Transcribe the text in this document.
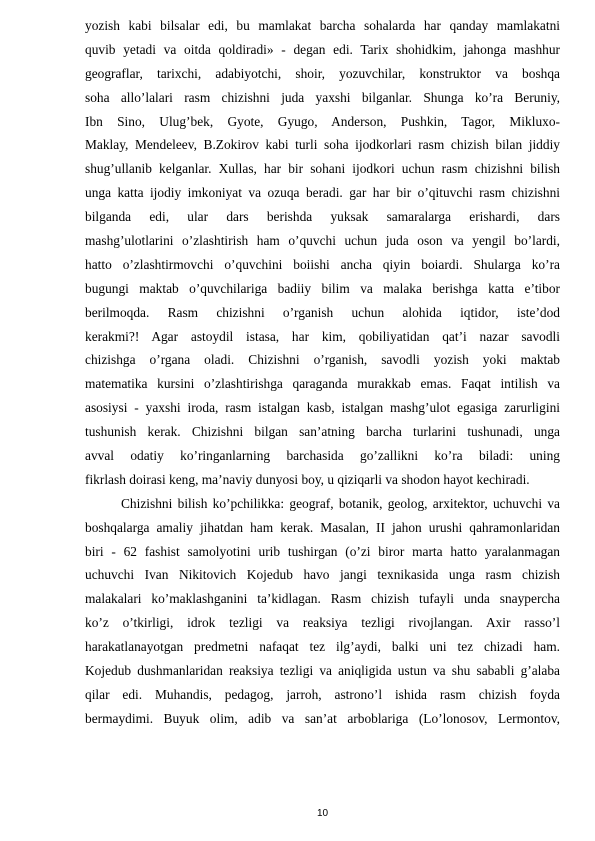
yozish kabi bilsalar edi, bu mamlakat barcha sohalarda har qanday mamlakatni
quvib yetadi va oitda qoldiradi» - degan edi. Tarix shohidkim, jahonga mashhur
geograflar, tarixchi, adabiyotchi, shoir, yozuvchilar, konstruktor va boshqa
soha allo’lalari rasm chizishni juda yaxshi bilganlar. Shunga ko’ra Beruniy,
Ibn Sino, Ulug’bek, Gyote, Gyugo, Anderson, Pushkin, Tagor, Mikluxo-
Maklay, Mendeleev, B.Zokirov kabi turli soha ijodkorlari rasm chizish bilan jiddiy
shug’ullanib kelganlar. Xullas, har bir sohani ijodkori uchun rasm chizishni bilish
unga katta ijodiy imkoniyat va ozuqa beradi. gar har bir o’qituvchi rasm chizishni
bilganda edi, ular dars berishda yuksak samaralarga erishardi, dars
mashg’ulotlarini o’zlashtirish ham o’quvchi uchun juda oson va yengil bo’lardi,
hatto o’zlashtirmovchi o’quvchini boiishi ancha qiyin boiardi. Shularga ko’ra
bugungi maktab o’quvchilariga badiiy bilim va malaka berishga katta e’tibor
berilmoqda. Rasm chizishni o’rganish uchun alohida iqtidor, iste’dod
kerakmi?! Agar astoydil istasa, har kim, qobiliyatidan qat’i nazar savodli
chizishga o’rgana oladi. Chizishni o’rganish, savodli yozish yoki maktab
matematika kursini o’zlashtirishga qaraganda murakkab emas. Faqat intilish va
asosiysi - yaxshi iroda, rasm istalgan kasb, istalgan mashg’ulot egasiga zarurligini
tushunish kerak. Chizishni bilgan san’atning barcha turlarini tushunadi, unga
avval odatiy ko’ringanlarning barchasida go’zallikni ko’ra biladi: uning
fikrlash doirasi keng, ma’naviy dunyosi boy, u qiziqarli va shodon hayot kechiradi.
Chizishni bilish ko’pchilikka: geograf, botanik, geolog, arxitektor, uchuvchi va
boshqalarga amaliy jihatdan ham kerak. Masalan, II jahon urushi qahramonlaridan
biri - 62 fashist samolyotini urib tushirgan (o’zi biror marta hatto yaralanmagan
uchuvchi Ivan Nikitovich Kojedub havo jangi texnikasida unga rasm chizish
malakalari ko’maklashganini ta’kidlagan. Rasm chizish tufayli unda snaypercha
ko’z o’tkirligi, idrok tezligi va reaksiya tezligi rivojlangan. Axir rasso’l
harakatlanayotgan predmetni nafaqat tez ilg’aydi, balki uni tez chizadi ham.
Kojedub dushmanlaridan reaksiya tezligi va aniqligida ustun va shu sababli g’alaba
qilar edi. Muhandis, pedagog, jarroh, astrono’l ishida rasm chizish foyda
bermaydimi. Buyuk olim, adib va san’at arboblariga (Lo’lonosov, Lermontov,
10
